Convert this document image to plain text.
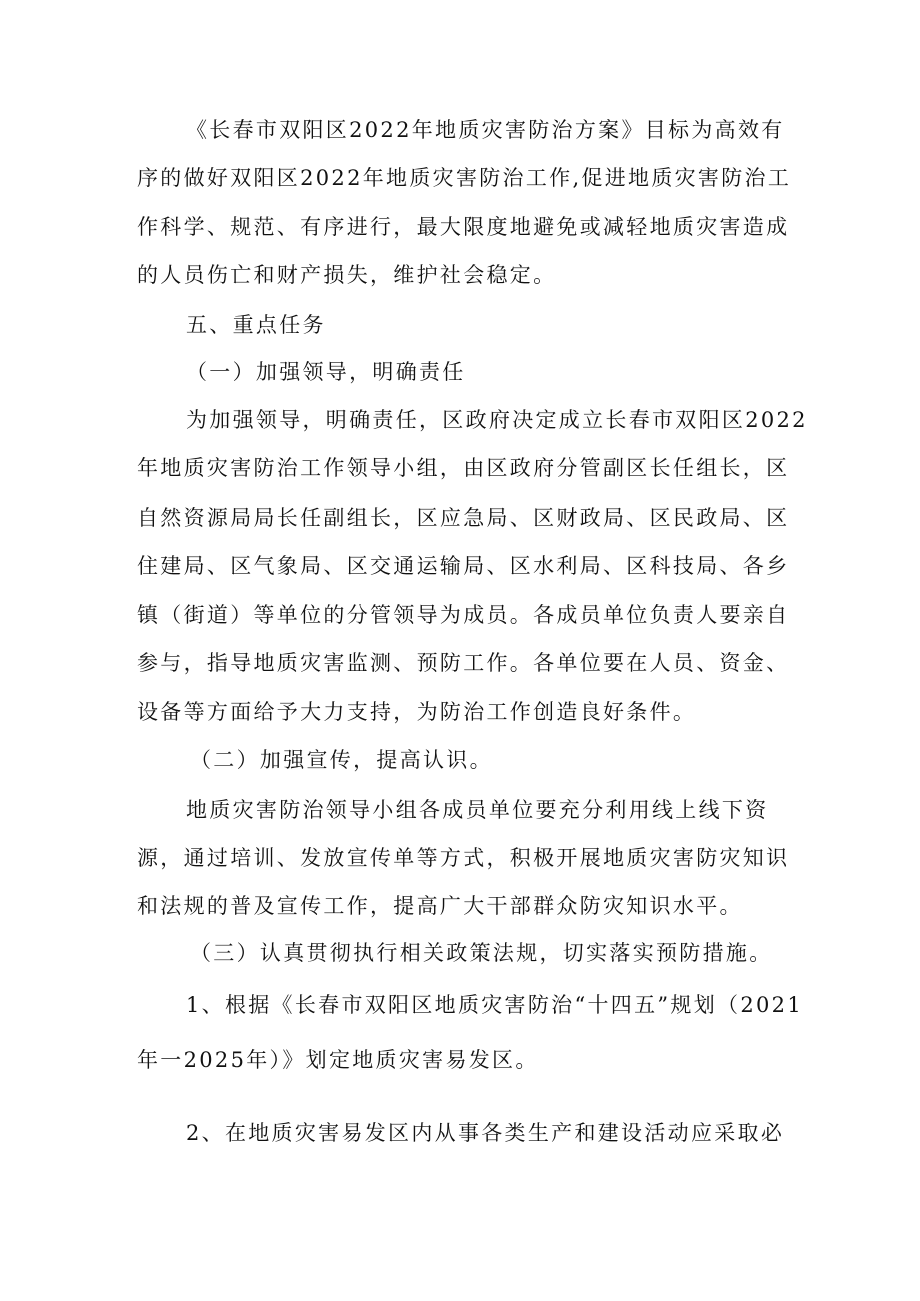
《长春市双阳区2022年地质灾害防治方案》目标为高效有
序的做好双阳区2022年地质灾害防治工作,促进地质灾害防治工
作科学、规范、有序进行，最大限度地避免或减轻地质灾害造成
的人员伤亡和财产损失，维护社会稳定。
五、重点任务
（一）加强领导，明确责任
为加强领导，明确责任，区政府决定成立长春市双阳区2022
年地质灾害防治工作领导小组，由区政府分管副区长任组长，区
自然资源局局长任副组长，区应急局、区财政局、区民政局、区
住建局、区气象局、区交通运输局、区水利局、区科技局、各乡
镇（街道）等单位的分管领导为成员。各成员单位负责人要亲自
参与，指导地质灾害监测、预防工作。各单位要在人员、资金、
设备等方面给予大力支持，为防治工作创造良好条件。
（二）加强宣传，提高认识。
地质灾害防治领导小组各成员单位要充分利用线上线下资
源，通过培训、发放宣传单等方式，积极开展地质灾害防灾知识
和法规的普及宣传工作，提高广大干部群众防灾知识水平。
（三）认真贯彻执行相关政策法规，切实落实预防措施。
1、根据《长春市双阳区地质灾害防治“十四五”规划（2021
年一2025年）》划定地质灾害易发区。
2、在地质灾害易发区内从事各类生产和建设活动应采取必
